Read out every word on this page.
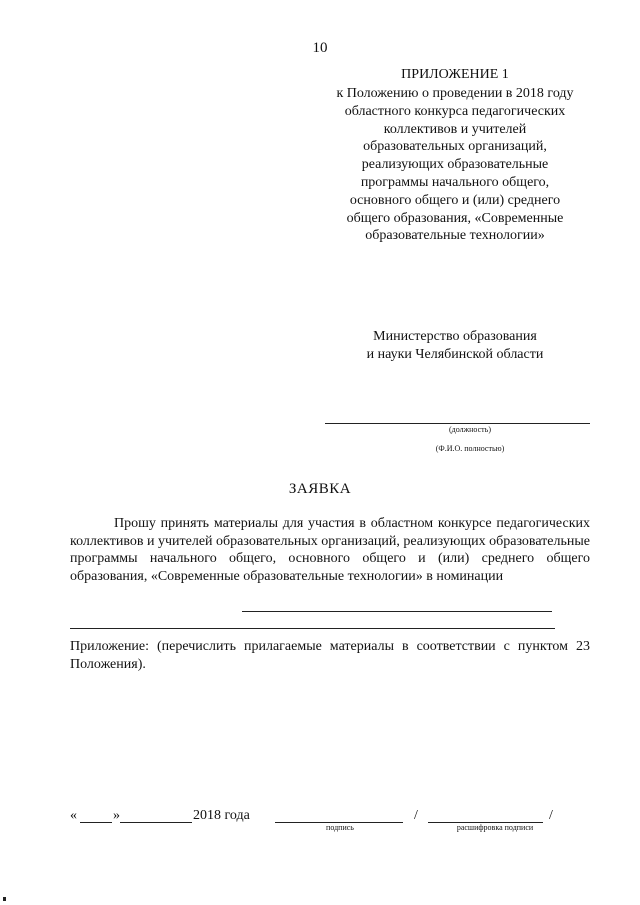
10
ПРИЛОЖЕНИЕ 1
к Положению о проведении в 2018 году
областного конкурса педагогических
коллективов и учителей
образовательных организаций,
реализующих образовательные
программы начального общего,
основного общего и (или) среднего
общего образования, «Современные
образовательные технологии»
Министерство образования
и науки Челябинской области
(должность)
(Ф.И.О. полностью)
ЗАЯВКА

Прошу принять материалы для участия в областном конкурсе педагогических коллективов и учителей образовательных организаций, реализующих образовательные программы начального общего, основного общего и (или) среднего общего образования, «Современные образовательные технологии» в номинации

Приложение: (перечислить прилагаемые материалы в соответствии с пунктом 23 Положения).
«	»	2018 года
подпись
/
расшифровка подписи
/
